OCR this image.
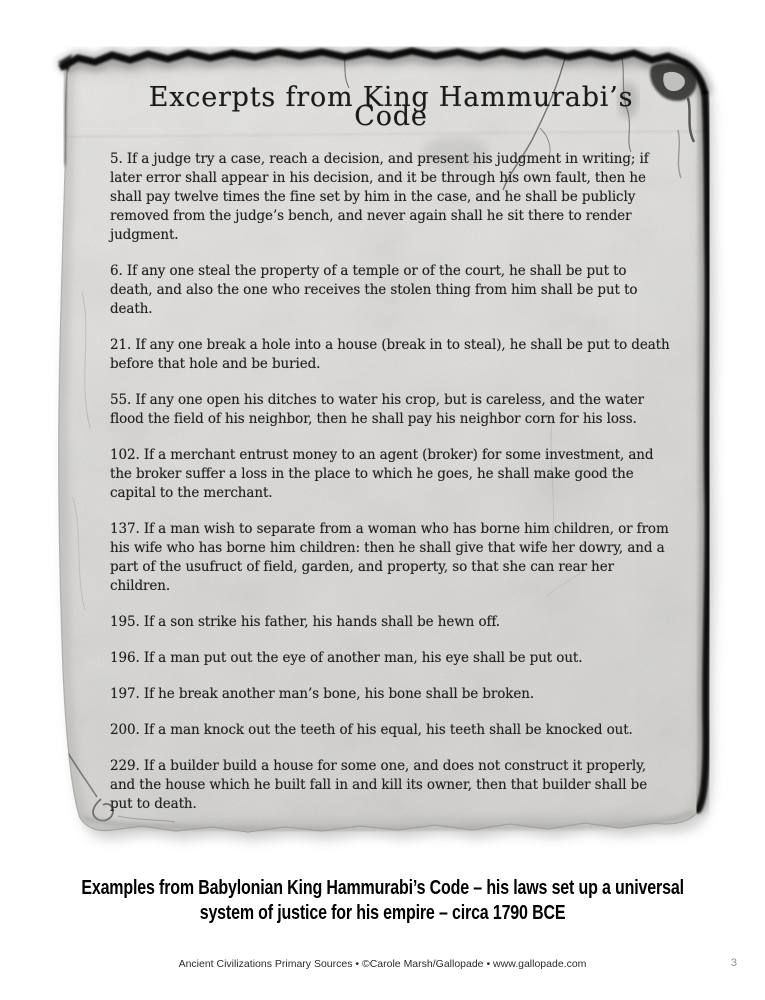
Excerpts from King Hammurabi’s Code

5. If a judge try a case, reach a decision, and present his judgment in writing; if later error shall appear in his decision, and it be through his own fault, then he shall pay twelve times the fine set by him in the case, and he shall be publicly removed from the judge’s bench, and never again shall he sit there to render judgment.

6. If any one steal the property of a temple or of the court, he shall be put to death, and also the one who receives the stolen thing from him shall be put to death.

21. If any one break a hole into a house (break in to steal), he shall be put to death before that hole and be buried.

55. If any one open his ditches to water his crop, but is careless, and the water flood the field of his neighbor, then he shall pay his neighbor corn for his loss.

102. If a merchant entrust money to an agent (broker) for some investment, and the broker suffer a loss in the place to which he goes, he shall make good the capital to the merchant.

137. If a man wish to separate from a woman who has borne him children, or from his wife who has borne him children: then he shall give that wife her dowry, and a part of the usufruct of field, garden, and property, so that she can rear her children.

195. If a son strike his father, his hands shall be hewn off.

196. If a man put out the eye of another man, his eye shall be put out.

197. If he break another man’s bone, his bone shall be broken.

200. If a man knock out the teeth of his equal, his teeth shall be knocked out.

229. If a builder build a house for some one, and does not construct it properly, and the house which he built fall in and kill its owner, then that builder shall be put to death.

Examples from Babylonian King Hammurabi’s Code – his laws set up a universal
system of justice for his empire – circa 1790 BCE
Ancient Civilizations Primary Sources • ©Carole Marsh/Gallopade • www.gallopade.com	3
